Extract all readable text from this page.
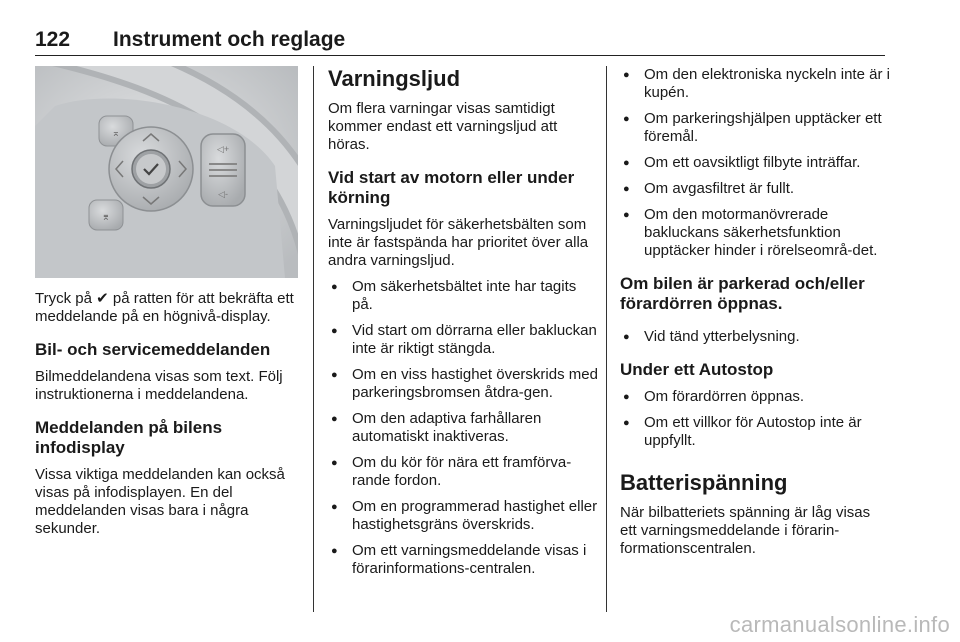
122 Instrument och reglage
⌅
⌆
◁+
◁-

Tryck på ✔ på ratten för att bekräfta ett meddelande på en högnivå-display.

Bil- och servicemeddelanden

Bilmeddelandena visas som text. Följ instruktionerna i meddelandena.

Meddelanden på bilens infodisplay

Vissa viktiga meddelanden kan också visas på infodisplayen. En del meddelanden visas bara i några sekunder.

Varningsljud

Om flera varningar visas samtidigt kommer endast ett varningsljud att höras.

Vid start av motorn eller under körning

Varningsljudet för säkerhetsbälten som inte är fastspända har prioritet över alla andra varningsljud.

● Om säkerhetsbältet inte har tagits på.
● Vid start om dörrarna eller bakluckan inte är riktigt stängda.
● Om en viss hastighet överskrids med parkeringsbromsen åtdra-gen.
● Om den adaptiva farhållaren automatiskt inaktiveras.
● Om du kör för nära ett framförva-rande fordon.
● Om en programmerad hastighet eller hastighetsgräns överskrids.
● Om ett varningsmeddelande visas i förarinformations-centralen.
● Om den elektroniska nyckeln inte är i kupén.
● Om parkeringshjälpen upptäcker ett föremål.
● Om ett oavsiktligt filbyte inträffar.
● Om avgasfiltret är fullt.
● Om den motormanövrerade bakluckans säkerhetsfunktion upptäcker hinder i rörelseområ-det.
Om bilen är parkerad och/eller förardörren öppnas.
● Vid tänd ytterbelysning.
Under ett Autostop
● Om förardörren öppnas.
● Om ett villkor för Autostop inte är uppfyllt.
Batterispänning

När bilbatteriets spänning är låg visas ett varningsmeddelande i förarin-formationscentralen.

carmanualsonline.info
